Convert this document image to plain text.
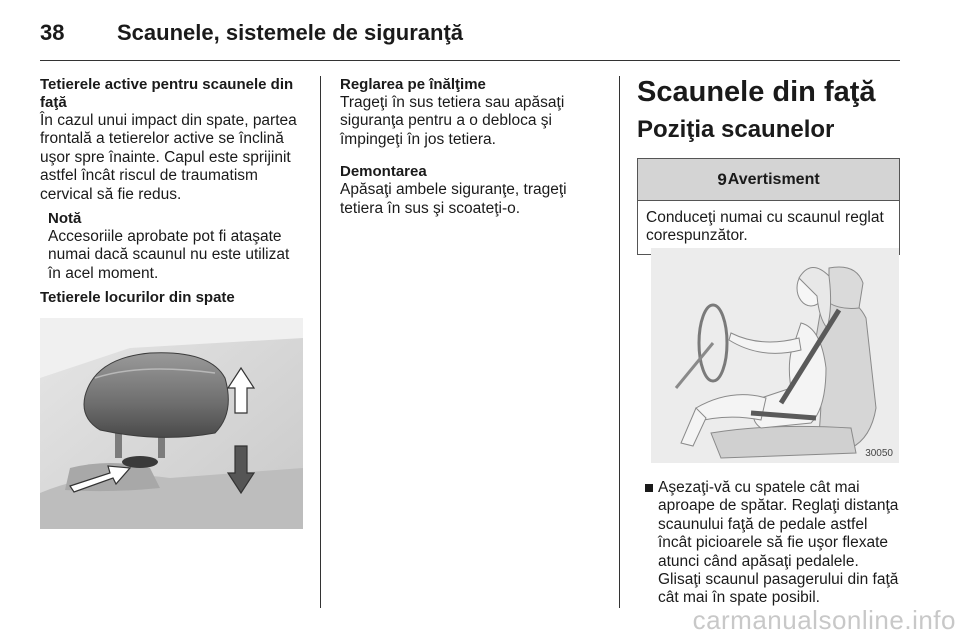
38 Scaunele, sistemele de siguranţă
Tetierele active pentru scaunele din
faţă
În cazul unui impact din spate, partea
frontală a tetierelor active se înclină
uşor spre înainte. Capul este sprijinit
astfel încât riscul de traumatism
cervical să fie redus.
Notă
Accesoriile aprobate pot fi ataşate
numai dacă scaunul nu este utilizat
în acel moment.
Tetierele locurilor din spate
Reglarea pe înălţime
Trageţi în sus tetiera sau apăsaţi
siguranţa pentru a o debloca şi
împingeţi în jos tetiera.
Demontarea
Apăsaţi ambele siguranţe, trageţi
tetiera în sus şi scoateţi-o.
Scaunele din faţă
Poziţia scaunelor
9 Avertisment
Conduceţi numai cu scaunul reglat
corespunzător.
30050
Aşezaţi-vă cu spatele cât mai
aproape de spătar. Reglaţi distanţa
scaunului faţă de pedale astfel
încât picioarele să fie uşor flexate
atunci când apăsaţi pedalele.
Glisaţi scaunul pasagerului din faţă
cât mai în spate posibil.
carmanualsonline.info
